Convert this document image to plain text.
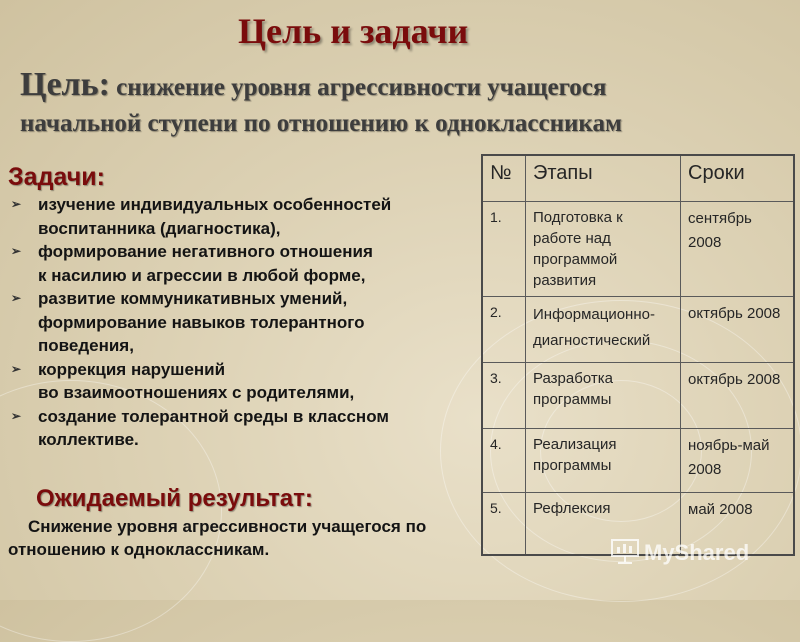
Цель и задачи
Цель: снижение уровня агрессивности учащегося
начальной ступени по отношению к одноклассникам
Задачи:
➢ изучение индивидуальных особенностей
воспитанника (диагностика),
➢ формирование негативного отношения
к насилию и агрессии в любой форме,
➢ развитие коммуникативных умений,
формирование навыков толерантного
поведения,
➢ коррекция нарушений
во взаимоотношениях с родителями,
➢ создание толерантной среды в классном
коллективе.
Ожидаемый результат:
Снижение уровня агрессивности учащегося по отношению к одноклассникам.
№	Этапы	Сроки
1.	Подготовка к работе над программой развития	сентябрь 2008
2.	Информационно-диагностический	октябрь 2008
3.	Разработка программы	октябрь 2008
4.	Реализация программы	ноябрь-май 2008
5.	Рефлексия	май 2008
MyShared
